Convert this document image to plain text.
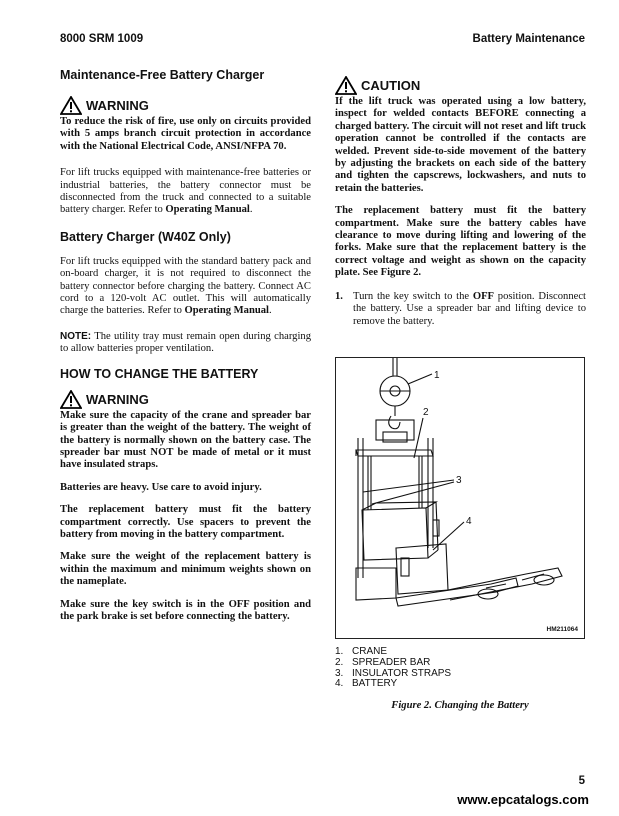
8000 SRM 1009	Battery Maintenance
Maintenance-Free Battery Charger
WARNING

To reduce the risk of fire, use only on circuits provided with 5 amps branch circuit protection in accordance with the National Electrical Code, ANSI/NFPA 70.

For lift trucks equipped with maintenance-free batteries or industrial batteries, the battery connector must be disconnected from the truck and connected to a suitable battery charger. Refer to Operating Manual.

Battery Charger (W40Z Only)

For lift trucks equipped with the standard battery pack and on-board charger, it is not required to disconnect the battery connector before charging the battery. Connect AC cord to a 120-volt AC outlet. This will automatically charge the batteries. Refer to Operating Manual.

NOTE: The utility tray must remain open during charging to allow batteries proper ventilation.

HOW TO CHANGE THE BATTERY
WARNING

Make sure the capacity of the crane and spreader bar is greater than the weight of the battery. The weight of the battery is normally shown on the battery case. The spreader bar must NOT be made of metal or it must have insulated straps.

Batteries are heavy. Use care to avoid injury.

The replacement battery must fit the battery compartment correctly. Use spacers to prevent the battery from moving in the battery compartment.

Make sure the weight of the replacement battery is within the maximum and minimum weights shown on the nameplate.

Make sure the key switch is in the OFF position and the park brake is set before connecting the battery.

CAUTION

If the lift truck was operated using a low battery, inspect for welded contacts BEFORE connecting a charged battery. The circuit will not reset and lift truck operation cannot be controlled if the contacts are welded. Prevent side-to-side movement of the battery by adjusting the brackets on each side of the battery and tighten the capscrews, lockwashers, and nuts to retain the batteries.

The replacement battery must fit the battery compartment. Make sure the battery cables have clearance to move during lifting and lowering of the forks. Make sure that the replacement battery is the correct voltage and weight as shown on the capacity plate. See Figure 2.

1. Turn the key switch to the OFF position. Disconnect the battery. Use a spreader bar and lifting device to remove the battery.
1
2
3
4
HM211064
1. CRANE
2. SPREADER BAR
3. INSULATOR STRAPS
4. BATTERY
Figure 2. Changing the Battery
5
www.epcatalogs.com
